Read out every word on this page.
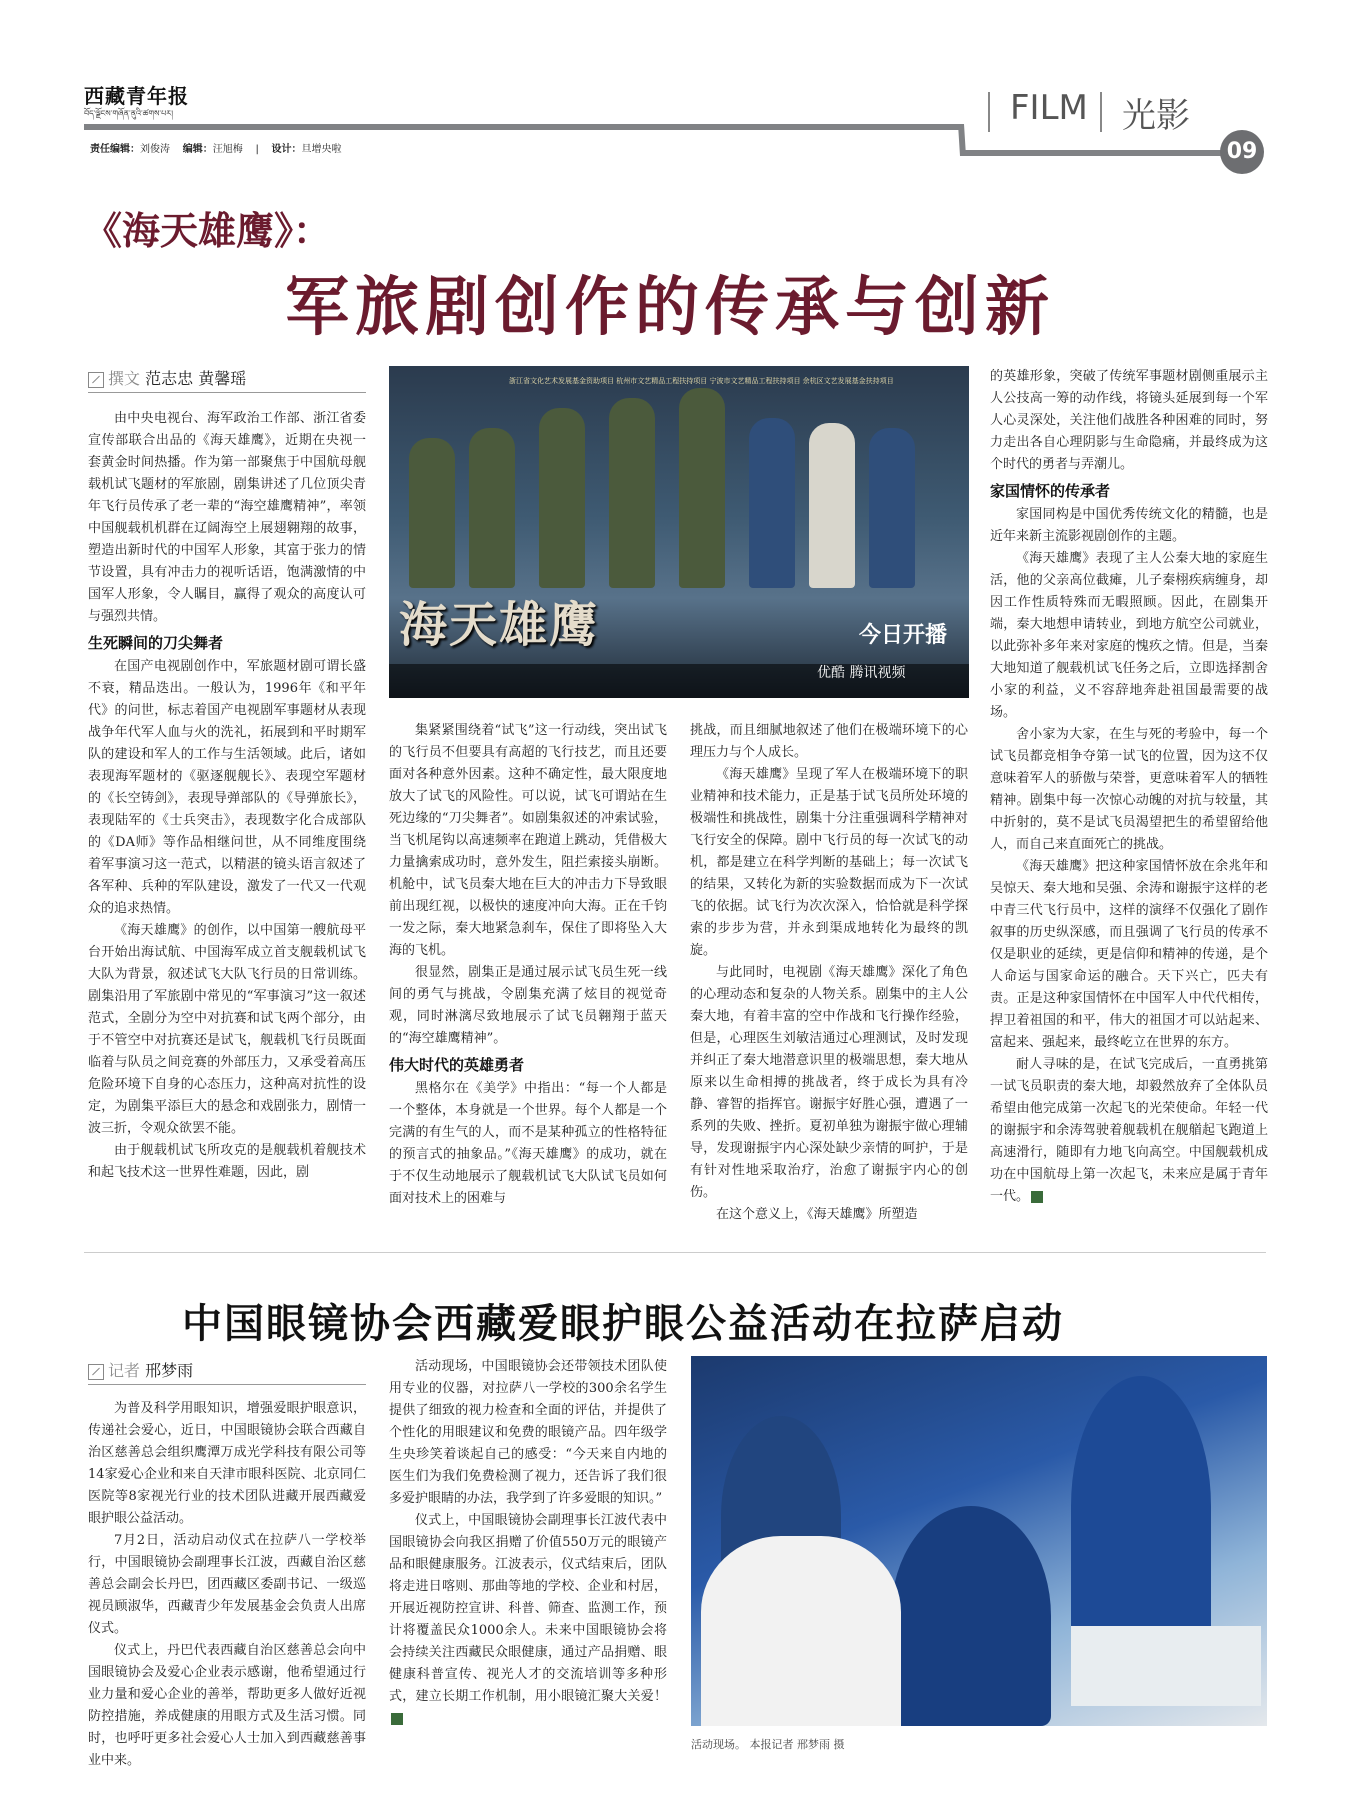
西藏青年报
བོད་ལྗོངས་གཞོན་ནུའི་ཚགས་པར།
责任编辑：刘俊涛 编辑：汪旭梅 | 设计：旦增央啦
FILM 光影
09
《海天雄鹰》：
军旅剧创作的传承与创新
撰文 范志忠 黄馨瑶

由中央电视台、海军政治工作部、浙江省委宣传部联合出品的《海天雄鹰》，近期在央视一套黄金时间热播。作为第一部聚焦于中国航母舰载机试飞题材的军旅剧，剧集讲述了几位顶尖青年飞行员传承了老一辈的“海空雄鹰精神”，率领中国舰载机机群在辽阔海空上展翅翱翔的故事，塑造出新时代的中国军人形象，其富于张力的情节设置，具有冲击力的视听话语，饱满激情的中国军人形象，令人瞩目，赢得了观众的高度认可与强烈共情。

生死瞬间的刀尖舞者

在国产电视剧创作中，军旅题材剧可谓长盛不衰，精品迭出。一般认为，1996年《和平年代》的问世，标志着国产电视剧军事题材从表现战争年代军人血与火的洗礼，拓展到和平时期军队的建设和军人的工作与生活领域。此后，诸如表现海军题材的《驱逐舰舰长》、表现空军题材的《长空铸剑》，表现导弹部队的《导弹旅长》，表现陆军的《士兵突击》，表现数字化合成部队的《DA师》等作品相继问世，从不同维度围绕着军事演习这一范式，以精湛的镜头语言叙述了各军种、兵种的军队建设，激发了一代又一代观众的追求热情。

《海天雄鹰》的创作，以中国第一艘航母平台开始出海试航、中国海军成立首支舰载机试飞大队为背景，叙述试飞大队飞行员的日常训练。剧集沿用了军旅剧中常见的“军事演习”这一叙述范式，全剧分为空中对抗赛和试飞两个部分，由于不管空中对抗赛还是试飞，舰载机飞行员既面临着与队员之间竞赛的外部压力，又承受着高压危险环境下自身的心态压力，这种高对抗性的设定，为剧集平添巨大的悬念和戏剧张力，剧情一波三折，令观众欲罢不能。

由于舰载机试飞所攻克的是舰载机着舰技术和起飞技术这一世界性难题，因此，剧

集紧紧围绕着“试飞”这一行动线，突出试飞的飞行员不但要具有高超的飞行技艺，而且还要面对各种意外因素。这种不确定性，最大限度地放大了试飞的风险性。可以说，试飞可谓站在生死边缘的“刀尖舞者”。如剧集叙述的冲索试验，当飞机尾钩以高速频率在跑道上跳动，凭借极大力量擒索成功时，意外发生，阻拦索接头崩断。机舱中，试飞员秦大地在巨大的冲击力下导致眼前出现红视，以极快的速度冲向大海。正在千钧一发之际，秦大地紧急刹车，保住了即将坠入大海的飞机。

很显然，剧集正是通过展示试飞员生死一线间的勇气与挑战，令剧集充满了炫目的视觉奇观，同时淋漓尽致地展示了试飞员翱翔于蓝天的“海空雄鹰精神”。

伟大时代的英雄勇者

黑格尔在《美学》中指出：“每一个人都是一个整体，本身就是一个世界。每个人都是一个完满的有生气的人，而不是某种孤立的性格特征的预言式的抽象品。”《海天雄鹰》的成功，就在于不仅生动地展示了舰载机试飞大队试飞员如何面对技术上的困难与

挑战，而且细腻地叙述了他们在极端环境下的心理压力与个人成长。

《海天雄鹰》呈现了军人在极端环境下的职业精神和技术能力，正是基于试飞员所处环境的极端性和挑战性，剧集十分注重强调科学精神对飞行安全的保障。剧中飞行员的每一次试飞的动机，都是建立在科学判断的基础上；每一次试飞的结果，又转化为新的实验数据而成为下一次试飞的依据。试飞行为次次深入，恰恰就是科学探索的步步为营，并永到渠成地转化为最终的凯旋。

与此同时，电视剧《海天雄鹰》深化了角色的心理动态和复杂的人物关系。剧集中的主人公秦大地，有着丰富的空中作战和飞行操作经验，但是，心理医生刘敏洁通过心理测试，及时发现并纠正了秦大地潜意识里的极端思想，秦大地从原来以生命相搏的挑战者，终于成长为具有冷静、睿智的指挥官。谢振宇好胜心强，遭遇了一系列的失败、挫折。夏初单独为谢振宇做心理辅导，发现谢振宇内心深处缺少亲情的呵护，于是有针对性地采取治疗，治愈了谢振宇内心的创伤。

在这个意义上，《海天雄鹰》所塑造

的英雄形象，突破了传统军事题材剧侧重展示主人公技高一筹的动作线，将镜头延展到每一个军人心灵深处，关注他们战胜各种困难的同时，努力走出各自心理阴影与生命隐痛，并最终成为这个时代的勇者与弄潮儿。

家国情怀的传承者

家国同构是中国优秀传统文化的精髓，也是近年来新主流影视剧创作的主题。

《海天雄鹰》表现了主人公秦大地的家庭生活，他的父亲高位截瘫，儿子秦栩疾病缠身，却因工作性质特殊而无暇照顾。因此，在剧集开端，秦大地想申请转业，到地方航空公司就业，以此弥补多年来对家庭的愧疚之情。但是，当秦大地知道了舰载机试飞任务之后，立即选择割舍小家的利益，义不容辞地奔赴祖国最需要的战场。

舍小家为大家，在生与死的考验中，每一个试飞员都竞相争夺第一试飞的位置，因为这不仅意味着军人的骄傲与荣誉，更意味着军人的牺牲精神。剧集中每一次惊心动魄的对抗与较量，其中折射的，莫不是试飞员渴望把生的希望留给他人，而自己来直面死亡的挑战。

《海天雄鹰》把这种家国情怀放在余兆年和吴惊天、秦大地和吴强、余涛和谢振宇这样的老中青三代飞行员中，这样的演绎不仅强化了剧作叙事的历史纵深感，而且强调了飞行员的传承不仅是职业的延续，更是信仰和精神的传递，是个人命运与国家命运的融合。天下兴亡，匹夫有责。正是这种家国情怀在中国军人中代代相传，捍卫着祖国的和平，伟大的祖国才可以站起来、富起来、强起来，最终屹立在世界的东方。

耐人寻味的是，在试飞完成后，一直勇挑第一试飞员职责的秦大地，却毅然放弃了全体队员希望由他完成第一次起飞的光荣使命。年轻一代的谢振宇和余涛驾驶着舰载机在舰艏起飞跑道上高速滑行，随即有力地飞向高空。中国舰载机成功在中国航母上第一次起飞，未来应是属于青年一代。	青

浙江省文化艺术发展基金资助项目 杭州市文艺精品工程扶持项目 宁波市文艺精品工程扶持项目 余杭区文艺发展基金扶持项目
海天雄鹰	今日开播
优酷 腾讯视频
中国眼镜协会西藏爱眼护眼公益活动在拉萨启动
记者 邢梦雨

为普及科学用眼知识，增强爱眼护眼意识，传递社会爱心，近日，中国眼镜协会联合西藏自治区慈善总会组织鹰潭万成光学科技有限公司等14家爱心企业和来自天津市眼科医院、北京同仁医院等8家视光行业的技术团队进藏开展西藏爱眼护眼公益活动。

7月2日，活动启动仪式在拉萨八一学校举行，中国眼镜协会副理事长江波，西藏自治区慈善总会副会长丹巴，团西藏区委副书记、一级巡视员顾淑华，西藏青少年发展基金会负责人出席仪式。

仪式上，丹巴代表西藏自治区慈善总会向中国眼镜协会及爱心企业表示感谢，他希望通过行业力量和爱心企业的善举，帮助更多人做好近视防控措施，养成健康的用眼方式及生活习惯。同时，也呼吁更多社会爱心人士加入到西藏慈善事业中来。

活动现场，中国眼镜协会还带领技术团队使用专业的仪器，对拉萨八一学校的300余名学生提供了细致的视力检查和全面的评估，并提供了个性化的用眼建议和免费的眼镜产品。四年级学生央珍笑着谈起自己的感受：“今天来自内地的医生们为我们免费检测了视力，还告诉了我们很多爱护眼睛的办法，我学到了许多爱眼的知识。”

仪式上，中国眼镜协会副理事长江波代表中国眼镜协会向我区捐赠了价值550万元的眼镜产品和眼健康服务。江波表示，仪式结束后，团队将走进日喀则、那曲等地的学校、企业和村居，开展近视防控宣讲、科普、筛查、监测工作，预计将覆盖民众1000余人。未来中国眼镜协会将会持续关注西藏民众眼健康，通过产品捐赠、眼健康科普宣传、视光人才的交流培训等多种形式，建立长期工作机制，用小眼镜汇聚大关爱！青

活动现场。 本报记者 邢梦雨 摄
